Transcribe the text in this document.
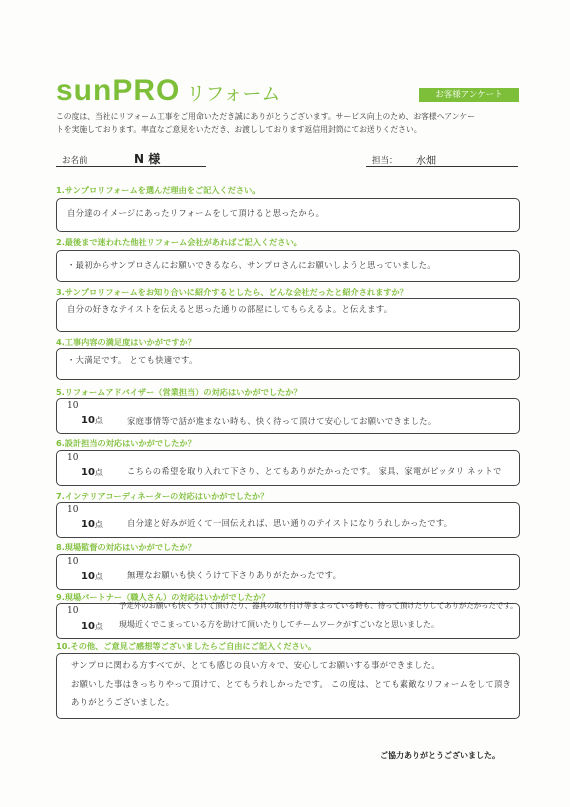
sunPRO リフォーム	お客様アンケート
この度は、当社にリフォーム工事をご用命いただき誠にありがとうございます。サービス向上のため、お客様へアンケー
トを実施しております。率直なご意見をいただき、お渡ししております返信用封筒にてお送りください。
お名前	N 様	担当： 水畑
1.サンプロリフォームを選んだ理由をご記入ください。
自分達のイメージにあったリフォームをして頂けると思ったから。
2.最後まで迷われた他社リフォーム会社があればご記入ください。
・最初からサンプロさんにお願いできるなら、サンプロさんにお願いしようと思っていました。
3.サンプロリフォームをお知り合いに紹介するとしたら、どんな会社だったと紹介されますか？
自分の好きなテイストを伝えると思った通りの部屋にしてもらえるよ。と伝えます。
4.工事内容の満足度はいかがですか？
・大満足です。 とても快適です。
5.リフォームアドバイザー（営業担当）の対応はいかがでしたか？
10
10点	家庭事情等で話が進まない時も、快く待って頂けて安心してお願いできました。
6.設計担当の対応はいかがでしたか？
10
10点	こちらの希望を取り入れて下さり、とてもありがたかったです。 家具、家電がピッタリ ネットで
7.インテリアコーディネーターの対応はいかがでしたか？
10
10点	自分達と好みが近くて一回伝えれば、思い通りのテイストになりうれしかったです。
8.現場監督の対応はいかがでしたか？
10
10点	無理なお願いも快くうけて下さりありがたかったです。
9.現場パートナー（職人さん）の対応はいかがでしたか？
10
10点
予定外のお願いも快くうけて頂けたり、器具の取り付け等まよっている時も、待って頂けたりしてありがたかったです。
現場近くでこまっている方を助けて頂いたりしてチームワークがすごいなと思いました。
10.その他、ご意見ご感想等ございましたらご自由にご記入ください。
サンプロに関わる方すべてが、とても感じの良い方々で、安心してお願いする事ができました。
お願いした事はきっちりやって頂けて、とてもうれしかったです。 この度は、とても素敵なリフォームをして頂き
ありがとうございました。
ご協力ありがとうございました。
